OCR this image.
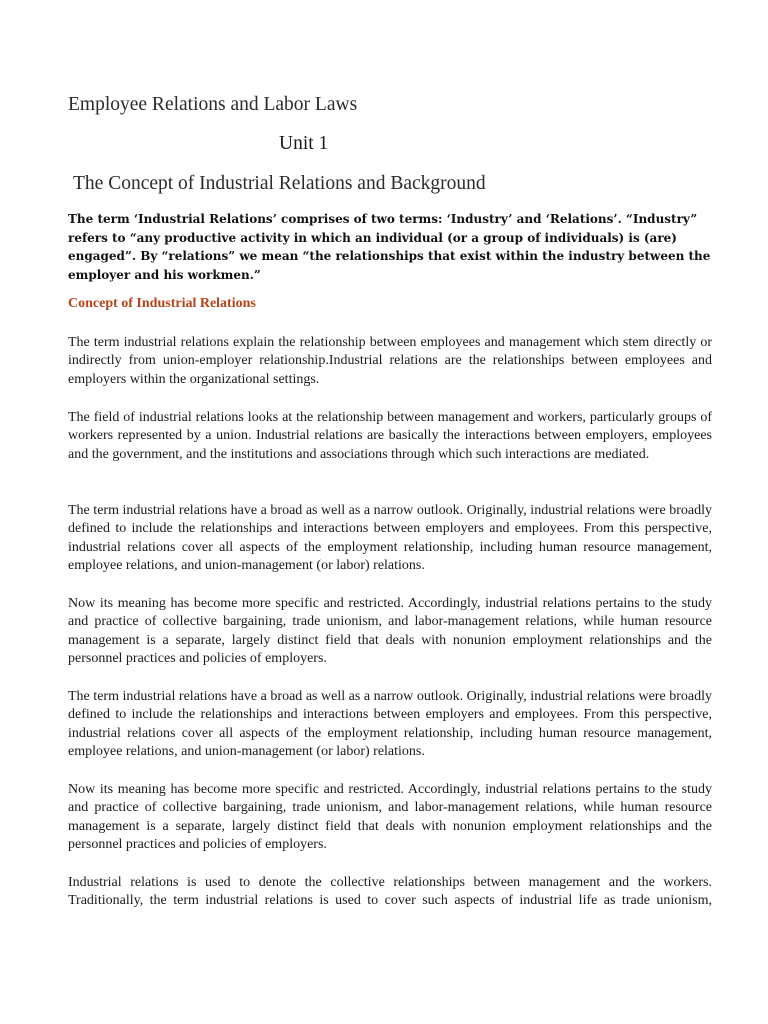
Employee Relations and Labor Laws
Unit 1
The Concept of Industrial Relations and Background

The term ‘Industrial Relations’ comprises of two terms: ‘Industry’ and ‘Relations’. “Industry” refers to “any productive activity in which an individual (or a group of individuals) is (are) engaged”. By “relations” we mean “the relationships that exist within the industry between the employer and his workmen.”

Concept of Industrial Relations

The term industrial relations explain the relationship between employees and management which stem directly or indirectly from union-employer relationship.Industrial relations are the relationships between employees and employers within the organizational settings.

The field of industrial relations looks at the relationship between management and workers, particularly groups of workers represented by a union. Industrial relations are basically the interactions between employers, employees and the government, and the institutions and associations through which such interactions are mediated.

The term industrial relations have a broad as well as a narrow outlook. Originally, industrial relations were broadly defined to include the relationships and interactions between employers and employees. From this perspective, industrial relations cover all aspects of the employment relationship, including human resource management, employee relations, and union-management (or labor) relations.

Now its meaning has become more specific and restricted. Accordingly, industrial relations pertains to the study and practice of collective bargaining, trade unionism, and labor-management relations, while human resource management is a separate, largely distinct field that deals with nonunion employment relationships and the personnel practices and policies of employers.

The term industrial relations have a broad as well as a narrow outlook. Originally, industrial relations were broadly defined to include the relationships and interactions between employers and employees. From this perspective, industrial relations cover all aspects of the employment relationship, including human resource management, employee relations, and union-management (or labor) relations.

Now its meaning has become more specific and restricted. Accordingly, industrial relations pertains to the study and practice of collective bargaining, trade unionism, and labor-management relations, while human resource management is a separate, largely distinct field that deals with nonunion employment relationships and the personnel practices and policies of employers.

Industrial relations is used to denote the collective relationships between management and the workers. Traditionally, the term industrial relations is used to cover such aspects of industrial life as trade unionism,
